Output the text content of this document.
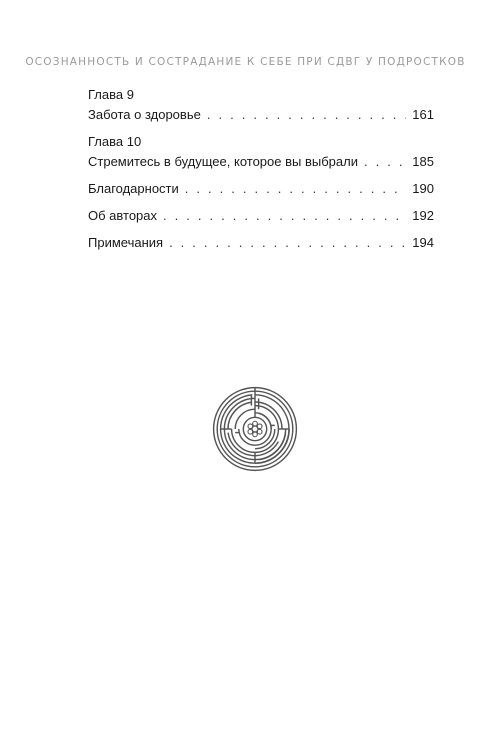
ОСОЗНАННОСТЬ И СОСТРАДАНИЕ К СЕБЕ ПРИ СДВГ У ПОДРОСТКОВ
Глава 9
Забота о здоровье . . .	161
Глава 10
Стремитесь в будущее, которое вы выбрали . . .	185
Благодарности . . .	190
Об авторах . . .	192
Примечания . . .	194
